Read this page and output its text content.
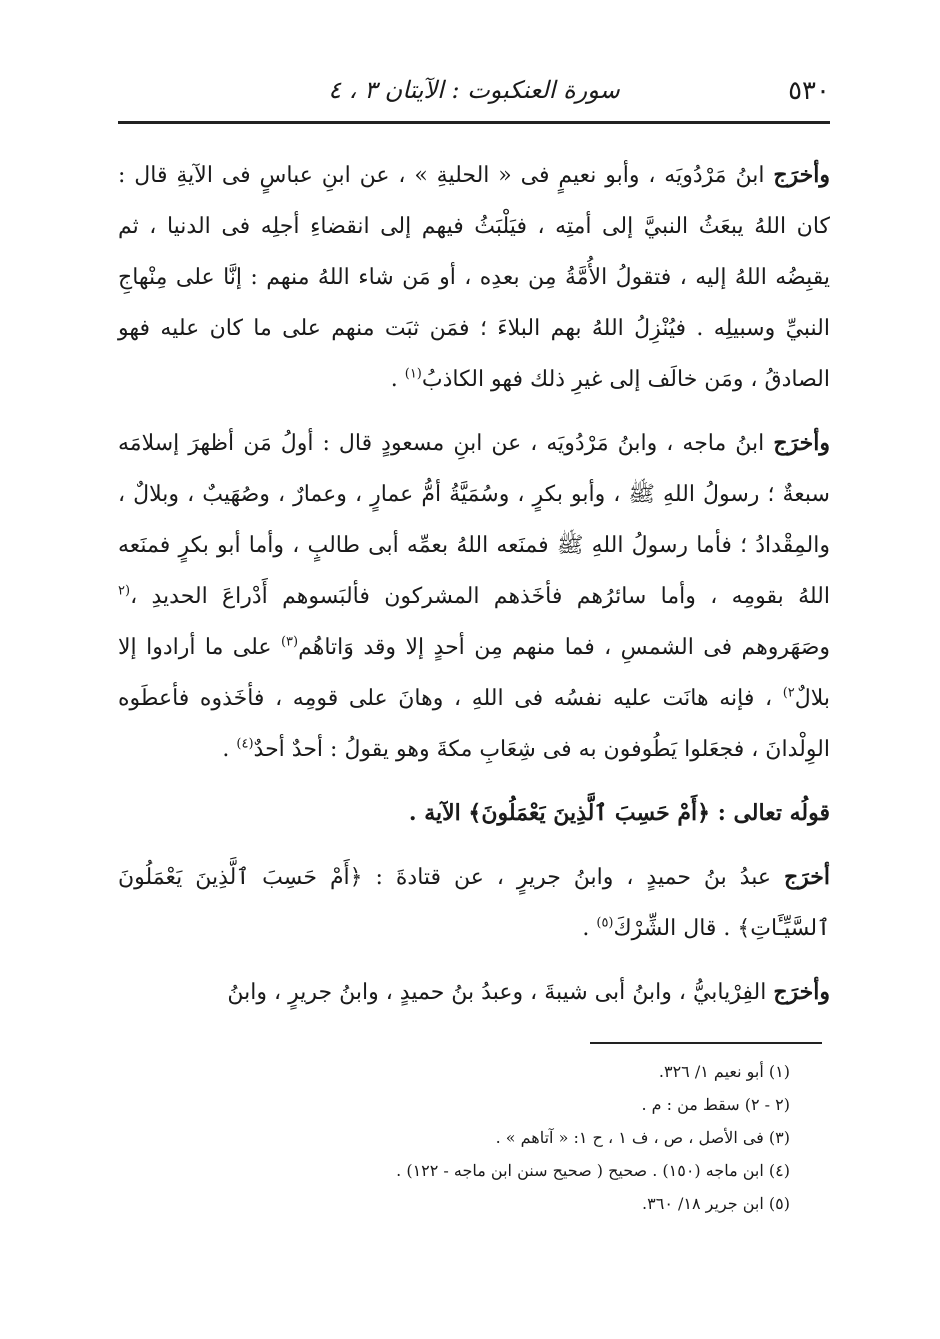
٥٣٠
سورة العنكبوت : الآيتان ٣ ، ٤

وأخرَج ابنُ مَرْدُويَه ، وأبو نعيمٍ فى « الحليةِ » ، عن ابنِ عباسٍ فى الآيةِ قال : كان اللهُ يبعَثُ النبيَّ إلى أمتِه ، فيَلْبَثُ فيهم إلى انقضاءِ أجلِه فى الدنيا ، ثم يقبِضُه اللهُ إليه ، فتقولُ الأُمَّةُ مِن بعدِه ، أو مَن شاء اللهُ منهم : إنَّا على مِنْهاجِ النبيِّ وسبيلِه . فيُنْزِلُ اللهُ بهم البلاءَ ؛ فمَن ثبَت منهم على ما كان عليه فهو الصادقُ ، ومَن خالَف إلى غيرِ ذلك فهو الكاذبُ$^{(١)}$ .

وأخرَج ابنُ ماجه ، وابنُ مَرْدُويَه ، عن ابنِ مسعودٍ قال : أولُ مَن أظهرَ إسلامَه سبعةٌ ؛ رسولُ اللهِ ﷺ ، وأبو بكرٍ ، وسُمَيَّةُ أمُّ عمارٍ ، وعمارٌ ، وصُهَيبٌ ، وبلالٌ ، والمِقْدادُ ؛ فأما رسولُ اللهِ ﷺ فمنَعه اللهُ بعمِّه أبى طالبٍ ، وأما أبو بكرٍ فمنَعه اللهُ بقومِه ، وأما سائرُهم فأخَذهم المشركون فألبَسوهم أَدْراعَ الحديدِ ،$^{(٢}$ وصَهَروهم فى الشمسِ ، فما منهم مِن أحدٍ إلا وقد وَاتاهُم$^{(٣)}$ على ما أرادوا إلا بلالٌ$^{٢)}$ ، فإنه هانَت عليه نفسُه فى اللهِ ، وهانَ على قومِه ، فأخَذوه فأعطَوه الوِلْدانَ ، فجعَلوا يَطُوفون به فى شِعَابِ مكةَ وهو يقولُ : أحدٌ أحدٌ$^{(٤)}$ .

قولُه تعالى : ﴿أَمْ حَسِبَ ٱلَّذِينَ يَعْمَلُونَ﴾ الآية .

أخرَج عبدُ بنُ حميدٍ ، وابنُ جريرٍ ، عن قتادةَ : ﴿أَمْ حَسِبَ ٱلَّذِينَ يَعْمَلُونَ ٱلسَّيِّـَٔاتِ﴾ . قال الشِّرْكَ$^{(٥)}$ .

وأخرَج الفِرْيابيُّ ، وابنُ أبى شيبةَ ، وعبدُ بنُ حميدٍ ، وابنُ جريرٍ ، وابنُ

(١) أبو نعيم ١/ ٣٢٦.

(٢ - ٢) سقط من : م .

(٣) فى الأصل ، ص ، ف ١ ، ح ١: « آتاهم » .

(٤) ابن ماجه (١٥٠) . صحيح ( صحيح سنن ابن ماجه - ١٢٢) .

(٥) ابن جرير ١٨/ ٣٦٠.
